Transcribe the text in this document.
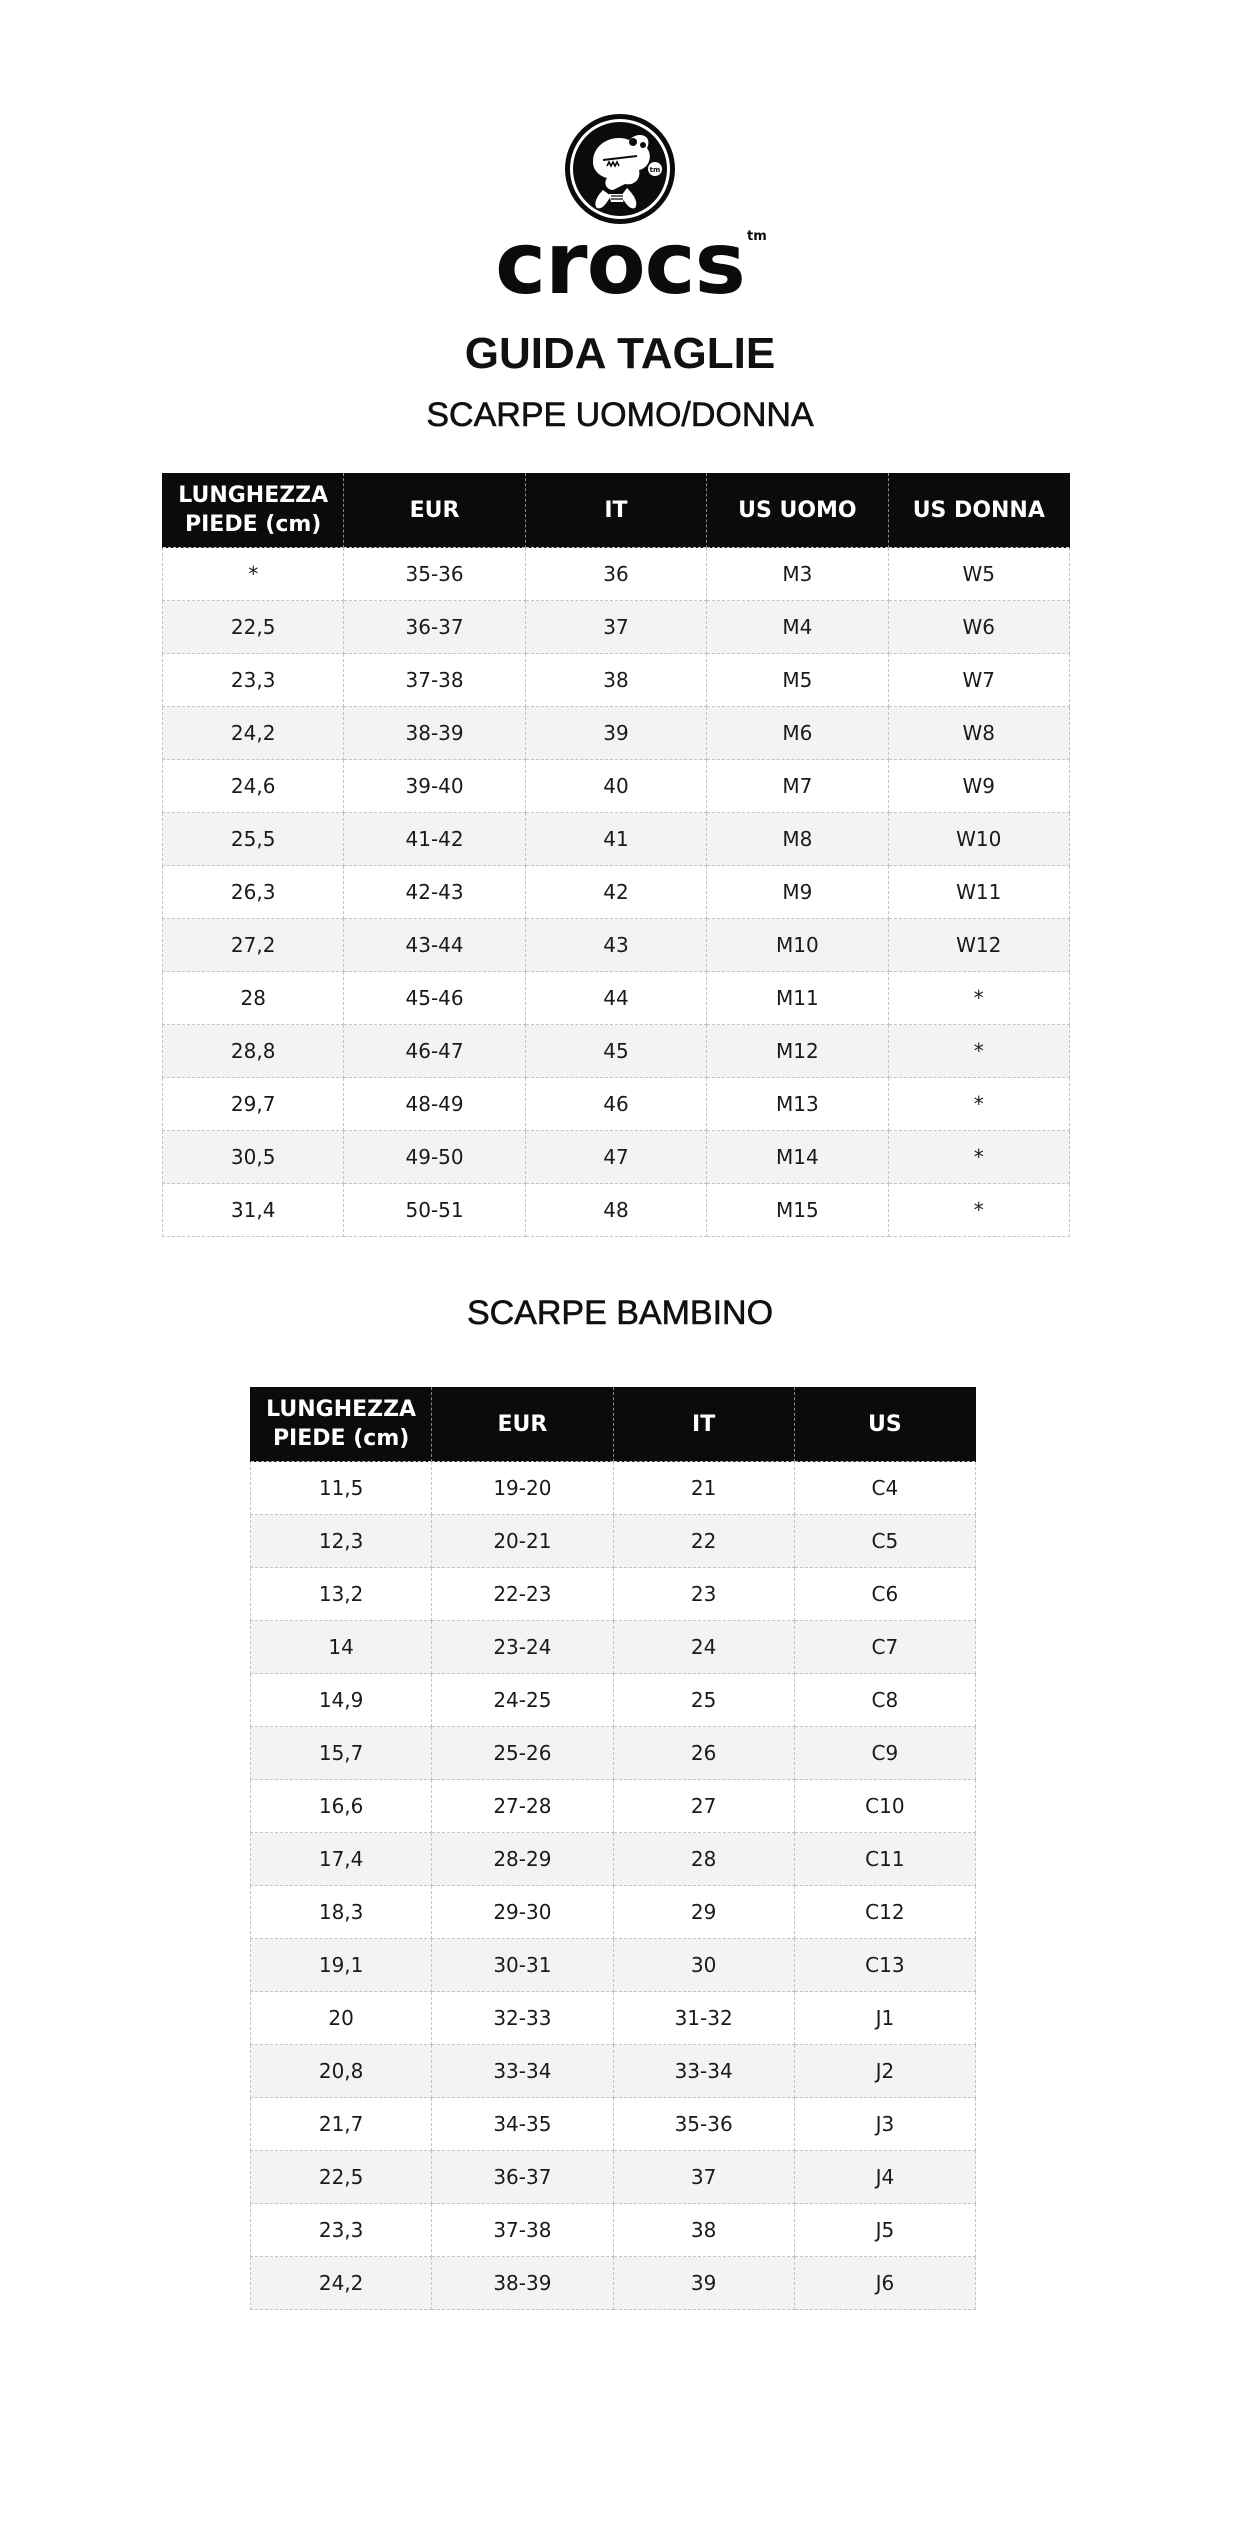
tm
crocs tm
GUIDA TAGLIE
SCARPE UOMO/DONNA
LUNGHEZZA PIEDE (cm)	EUR	IT	US UOMO	US DONNA
*	35-36	36	M3	W5
22,5	36-37	37	M4	W6
23,3	37-38	38	M5	W7
24,2	38-39	39	M6	W8
24,6	39-40	40	M7	W9
25,5	41-42	41	M8	W10
26,3	42-43	42	M9	W11
27,2	43-44	43	M10	W12
28	45-46	44	M11	*
28,8	46-47	45	M12	*
29,7	48-49	46	M13	*
30,5	49-50	47	M14	*
31,4	50-51	48	M15	*
SCARPE BAMBINO
LUNGHEZZA PIEDE (cm)	EUR	IT	US
11,5	19-20	21	C4
12,3	20-21	22	C5
13,2	22-23	23	C6
14	23-24	24	C7
14,9	24-25	25	C8
15,7	25-26	26	C9
16,6	27-28	27	C10
17,4	28-29	28	C11
18,3	29-30	29	C12
19,1	30-31	30	C13
20	32-33	31-32	J1
20,8	33-34	33-34	J2
21,7	34-35	35-36	J3
22,5	36-37	37	J4
23,3	37-38	38	J5
24,2	38-39	39	J6
